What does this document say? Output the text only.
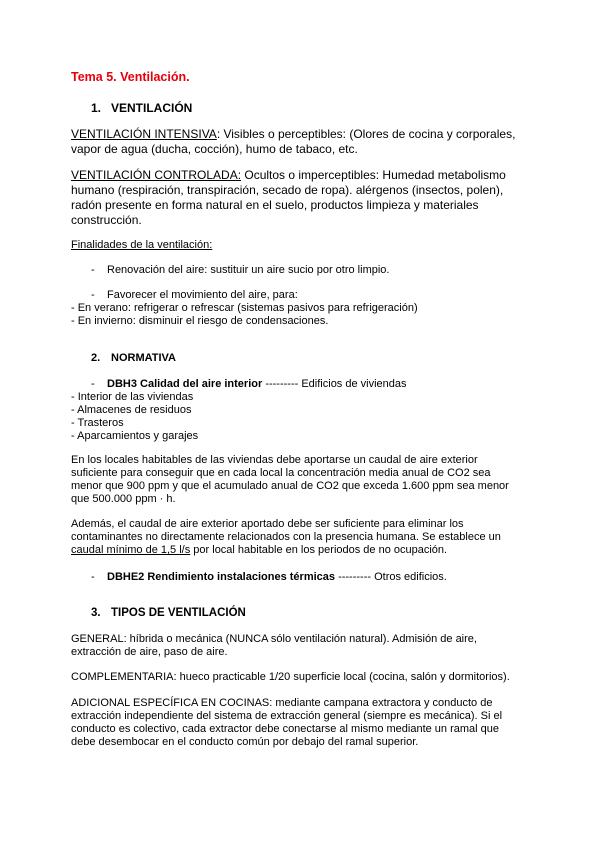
Tema 5. Ventilación.
1. VENTILACIÓN
VENTILACIÓN INTENSIVA: Visibles o perceptibles: (Olores de cocina y corporales,
vapor de agua (ducha, cocción), humo de tabaco, etc.
VENTILACIÓN CONTROLADA: Ocultos o imperceptibles: Humedad metabolismo
humano (respiración, transpiración, secado de ropa). alérgenos (insectos, polen),
radón presente en forma natural en el suelo, productos limpieza y materiales
construcción.
Finalidades de la ventilación:
- Renovación del aire: sustituir un aire sucio por otro limpio.
- Favorecer el movimiento del aire, para:
- En verano: refrigerar o refrescar (sistemas pasivos para refrigeración)
- En invierno: disminuir el riesgo de condensaciones.
2. NORMATIVA
- DBH3 Calidad del aire interior --------- Edificios de viviendas
- Interior de las viviendas
- Almacenes de residuos
- Trasteros
- Aparcamientos y garajes
En los locales habitables de las viviendas debe aportarse un caudal de aire exterior
suficiente para conseguir que en cada local la concentración media anual de CO2 sea
menor que 900 ppm y que el acumulado anual de CO2 que exceda 1.600 ppm sea menor
que 500.000 ppm · h.
Además, el caudal de aire exterior aportado debe ser suficiente para eliminar los
contaminantes no directamente relacionados con la presencia humana. Se establece un
caudal mínimo de 1,5 l/s por local habitable en los periodos de no ocupación.
- DBHE2 Rendimiento instalaciones térmicas --------- Otros edificios.
3. TIPOS DE VENTILACIÓN
GENERAL: híbrida o mecánica (NUNCA sólo ventilación natural). Admisión de aire,
extracción de aire, paso de aire.
COMPLEMENTARIA: hueco practicable 1/20 superficie local (cocina, salón y dormitorios).
ADICIONAL ESPECÍFICA EN COCINAS: mediante campana extractora y conducto de
extracción independiente del sistema de extracción general (siempre es mecánica). Si el
conducto es colectivo, cada extractor debe conectarse al mismo mediante un ramal que
debe desembocar en el conducto común por debajo del ramal superior.
